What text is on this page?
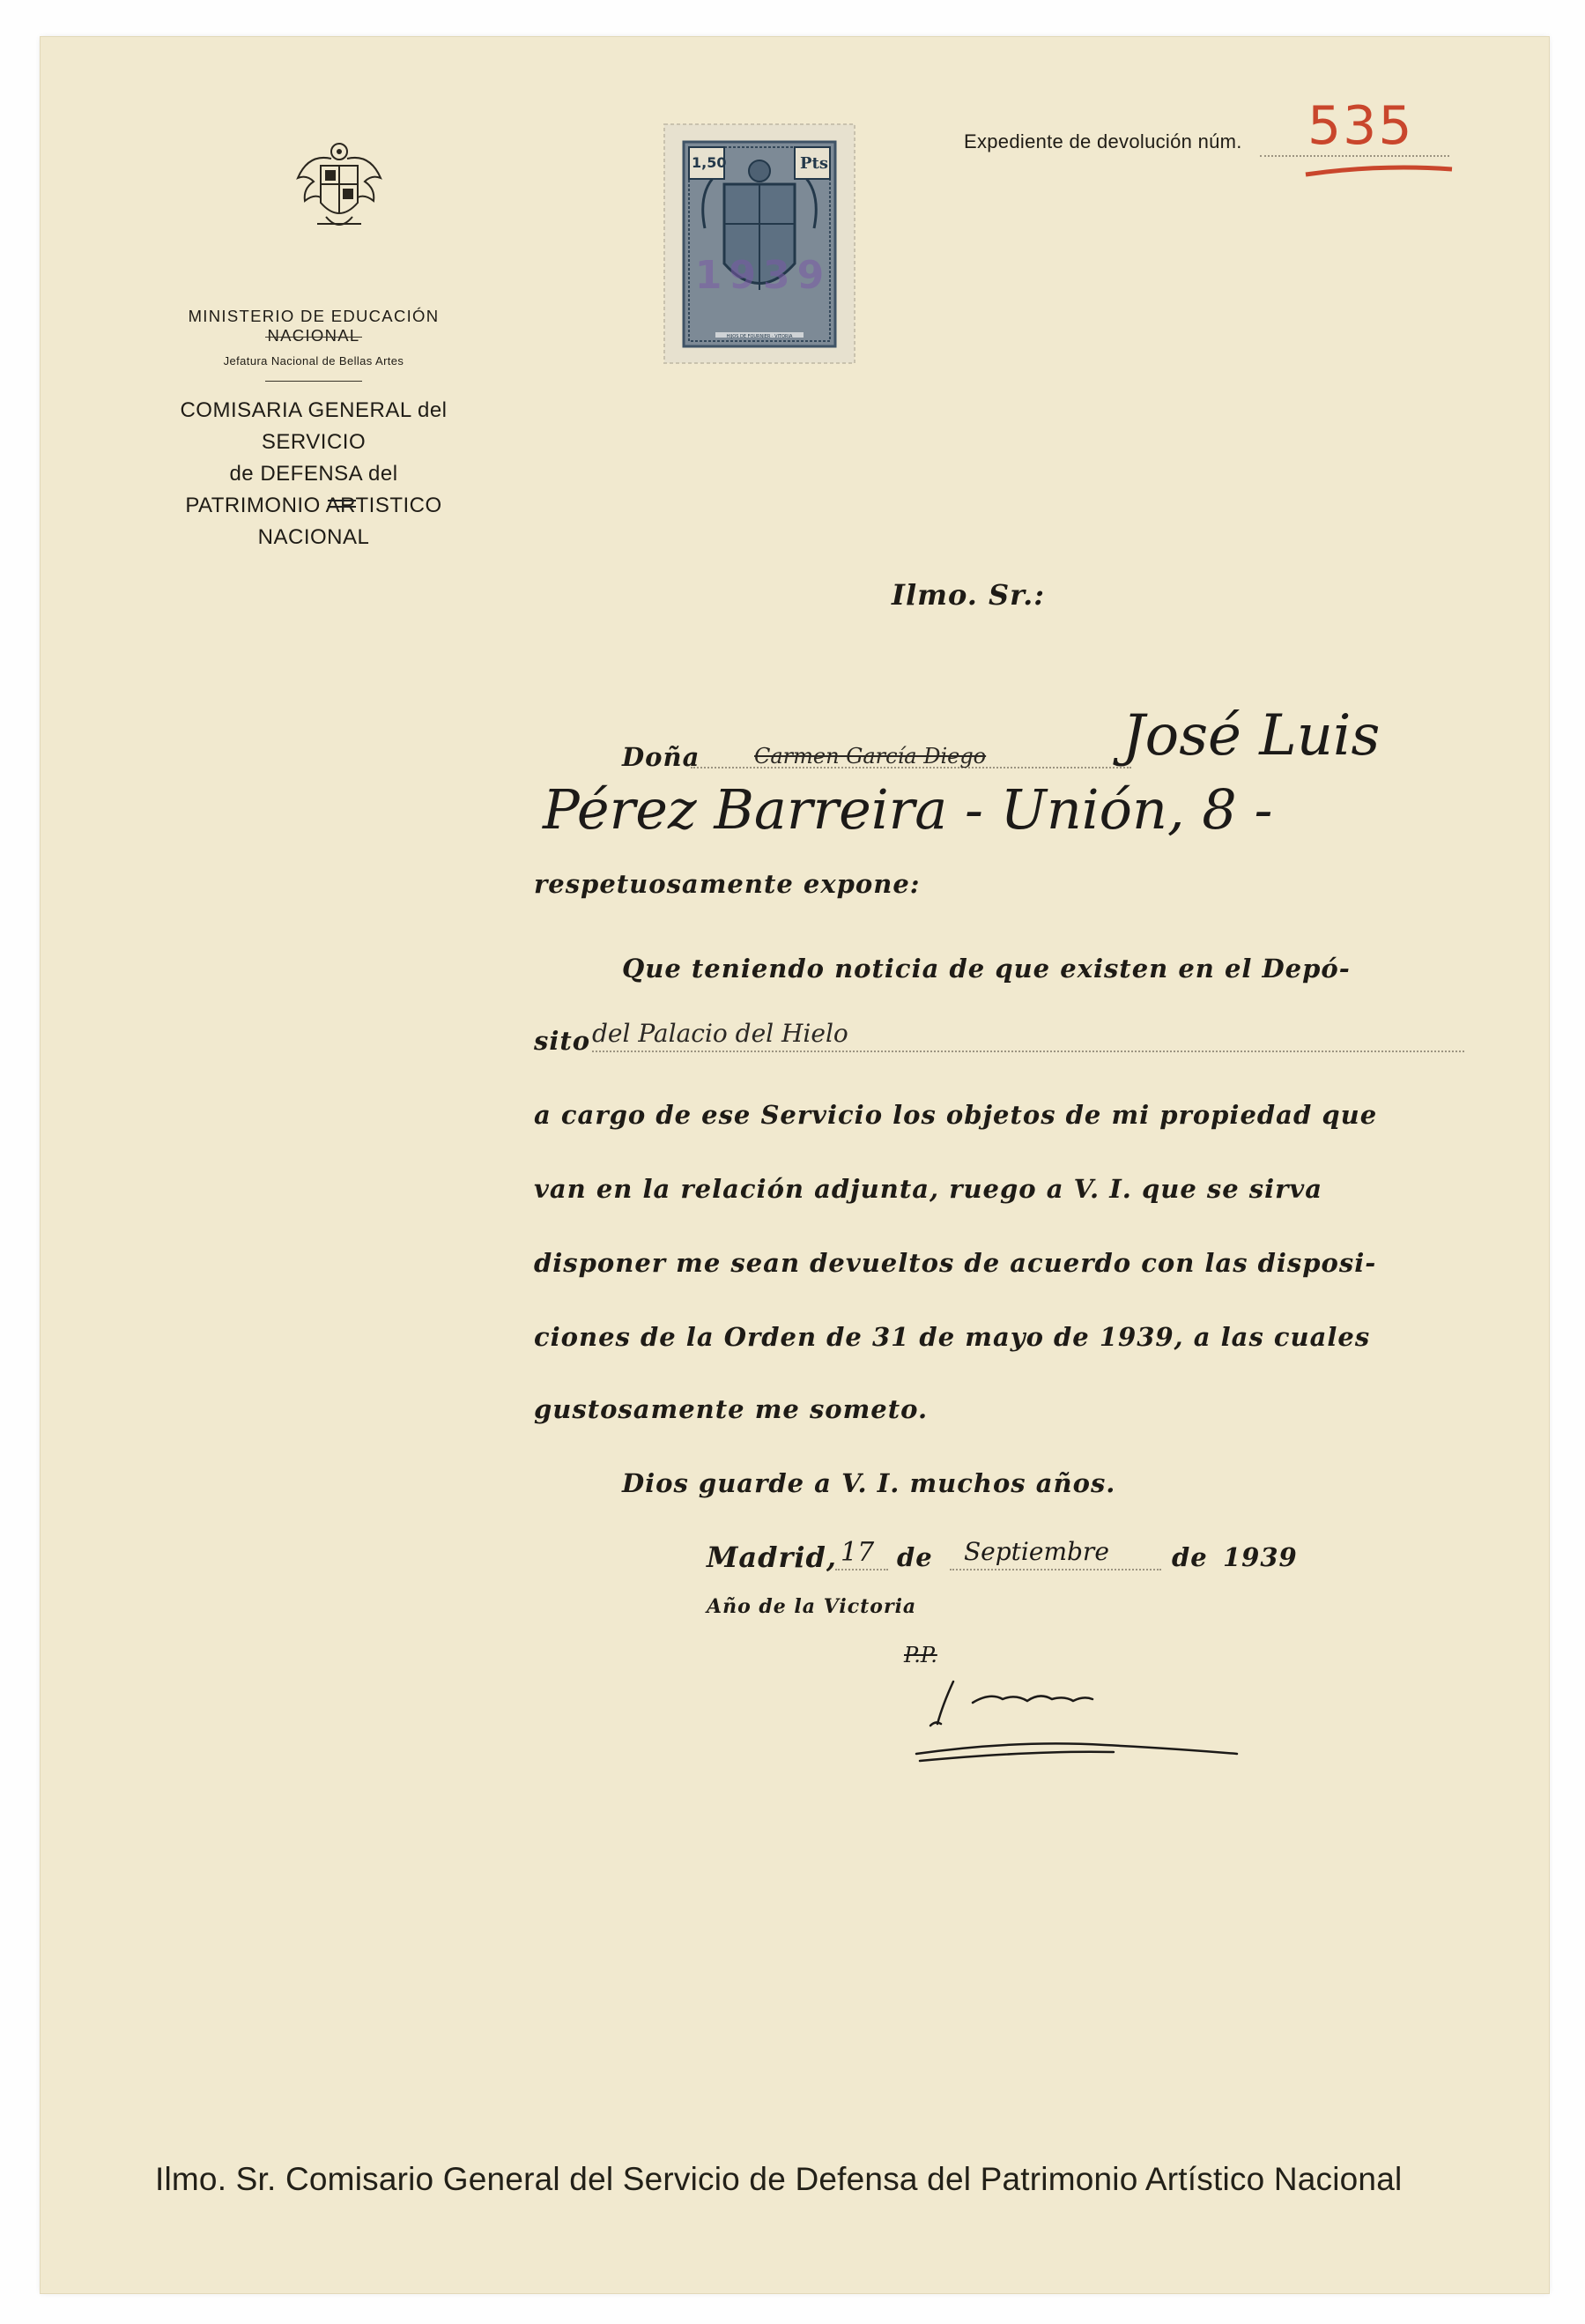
MINISTERIO DE EDUCACIÓN NACIONAL
Jefatura Nacional de Bellas Artes
COMISARIA GENERAL del SERVICIO
de DEFENSA del
PATRIMONIO ARTISTICO NACIONAL
1,50	Pts
HIJOS DE FOURNIER · VITORIA
1939
Expediente de devolución núm. 535
Ilmo. Sr.:
Doña	Carmen García Diego José Luis
Pérez Barreira - Unión, 8 -
respetuosamente expone:
Que teniendo noticia de que existen en el Depó-
sito del Palacio del Hielo
a cargo de ese Servicio los objetos de mi propiedad que
van en la relación adjunta, ruego a V. I. que se sirva
disponer me sean devueltos de acuerdo con las disposi-
ciones de la Orden de 31 de mayo de 1939, a las cuales
gustosamente me someto.
Dios guarde a V. I. muchos años.
Madrid, 17 de Septiembre de 1939
Año de la Victoria
P.P.
Ilmo. Sr. Comisario General del Servicio de Defensa del Patrimonio Artístico Nacional
